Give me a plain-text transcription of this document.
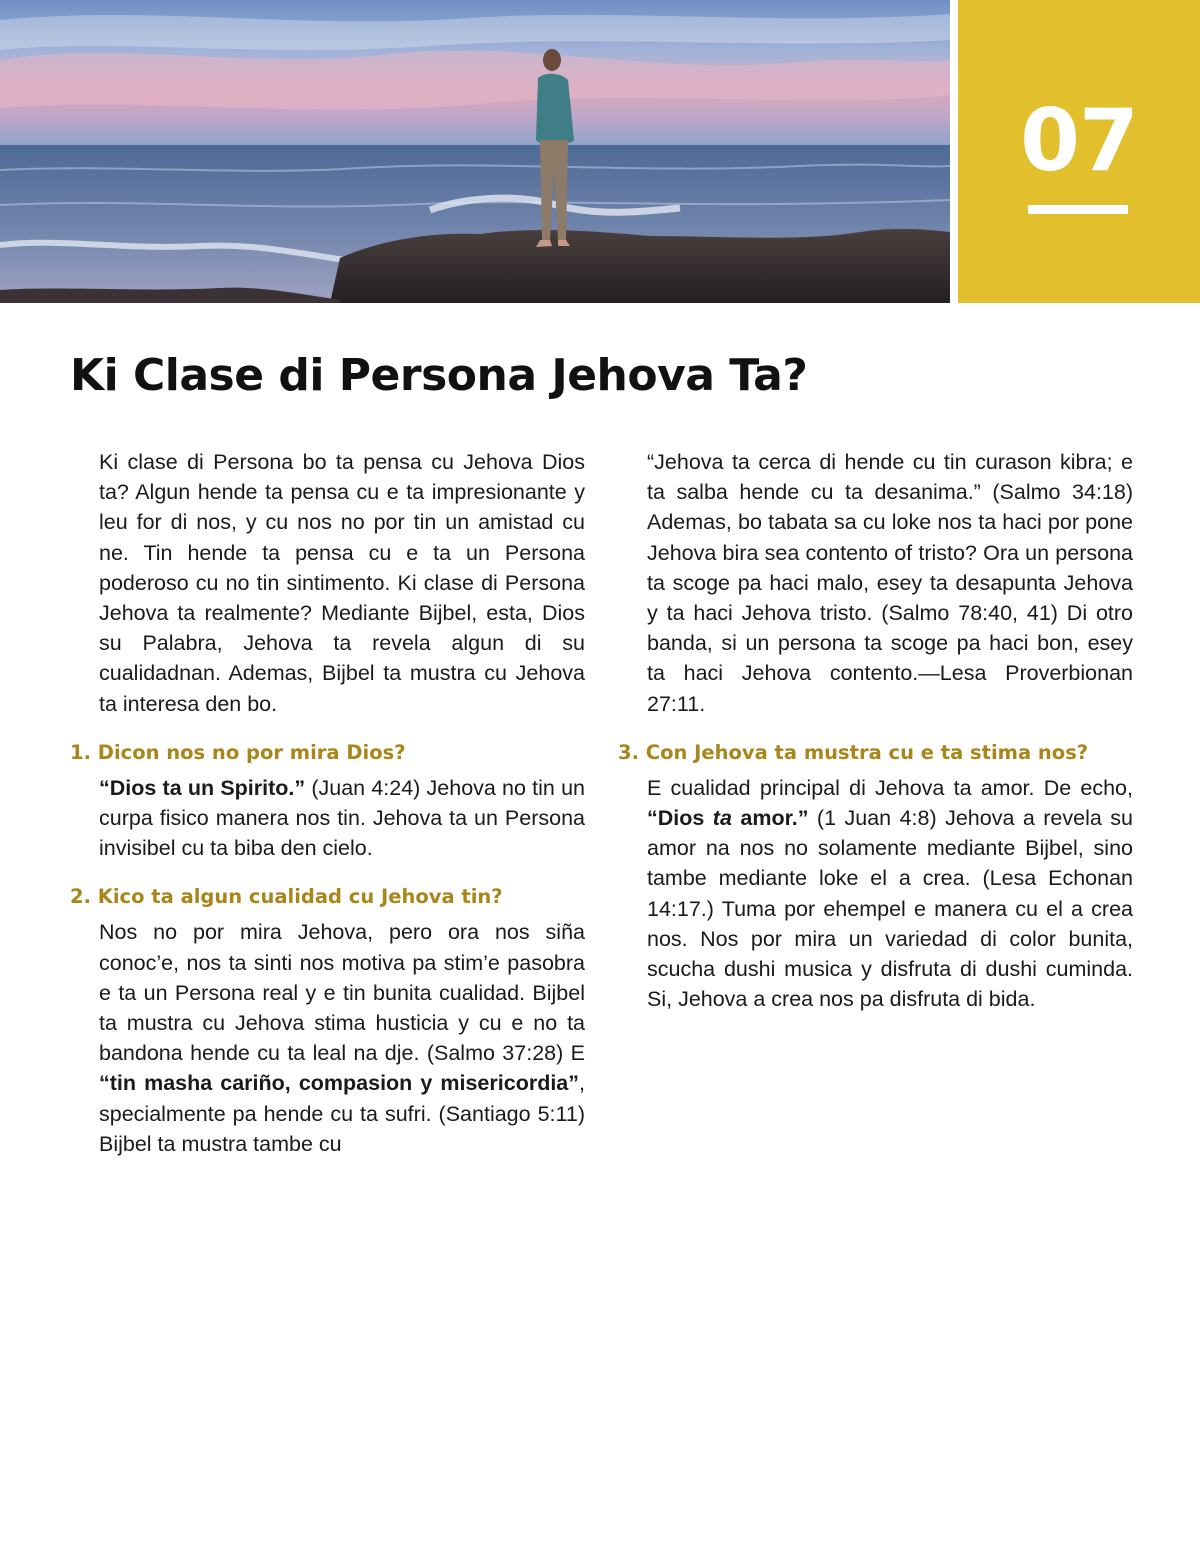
07
Ki Clase di Persona Jehova Ta?

Ki clase di Persona bo ta pensa cu Jehova Dios ta? Algun hende ta pensa cu e ta impresionante y leu for di nos, y cu nos no por tin un amistad cu ne. Tin hende ta pensa cu e ta un Persona poderoso cu no tin sintimento. Ki clase di Persona Jehova ta realmente? Mediante Bijbel, esta, Dios su Palabra, Jehova ta revela algun di su cualidadnan. Ademas, Bijbel ta mustra cu Jehova ta interesa den bo.

1. Dicon nos no por mira Dios?

“Dios ta un Spirito.” (Juan 4:24) Jehova no tin un curpa fisico manera nos tin. Jehova ta un Persona invisibel cu ta biba den cielo.

2. Kico ta algun cualidad cu Jehova tin?

Nos no por mira Jehova, pero ora nos siña conoc’e, nos ta sinti nos motiva pa stim’e pasobra e ta un Persona real y e tin bunita cualidad. Bijbel ta mustra cu Jehova stima husticia y cu e no ta bandona hende cu ta leal na dje. (Salmo 37:28) E “tin masha cariño, compasion y misericordia”, specialmente pa hende cu ta sufri. (Santiago 5:11) Bijbel ta mustra tambe cu

“Jehova ta cerca di hende cu tin curason kibra; e ta salba hende cu ta desanima.” (Salmo 34:18) Ademas, bo tabata sa cu loke nos ta haci por pone Jehova bira sea contento of tristo? Ora un persona ta scoge pa haci malo, esey ta desapunta Jehova y ta haci Jehova tristo. (Salmo 78:40, 41) Di otro banda, si un persona ta scoge pa haci bon, esey ta haci Jehova contento.—Lesa Proverbionan 27:11.

3. Con Jehova ta mustra cu e ta stima nos?

E cualidad principal di Jehova ta amor. De echo, “Dios ta amor.” (1 Juan 4:8) Jehova a revela su amor na nos no solamente mediante Bijbel, sino tambe mediante loke el a crea. (Lesa Echonan 14:17.) Tuma por ehempel e manera cu el a crea nos. Nos por mira un variedad di color bunita, scucha dushi musica y disfruta di dushi cuminda. Si, Jehova a crea nos pa disfruta di bida.
